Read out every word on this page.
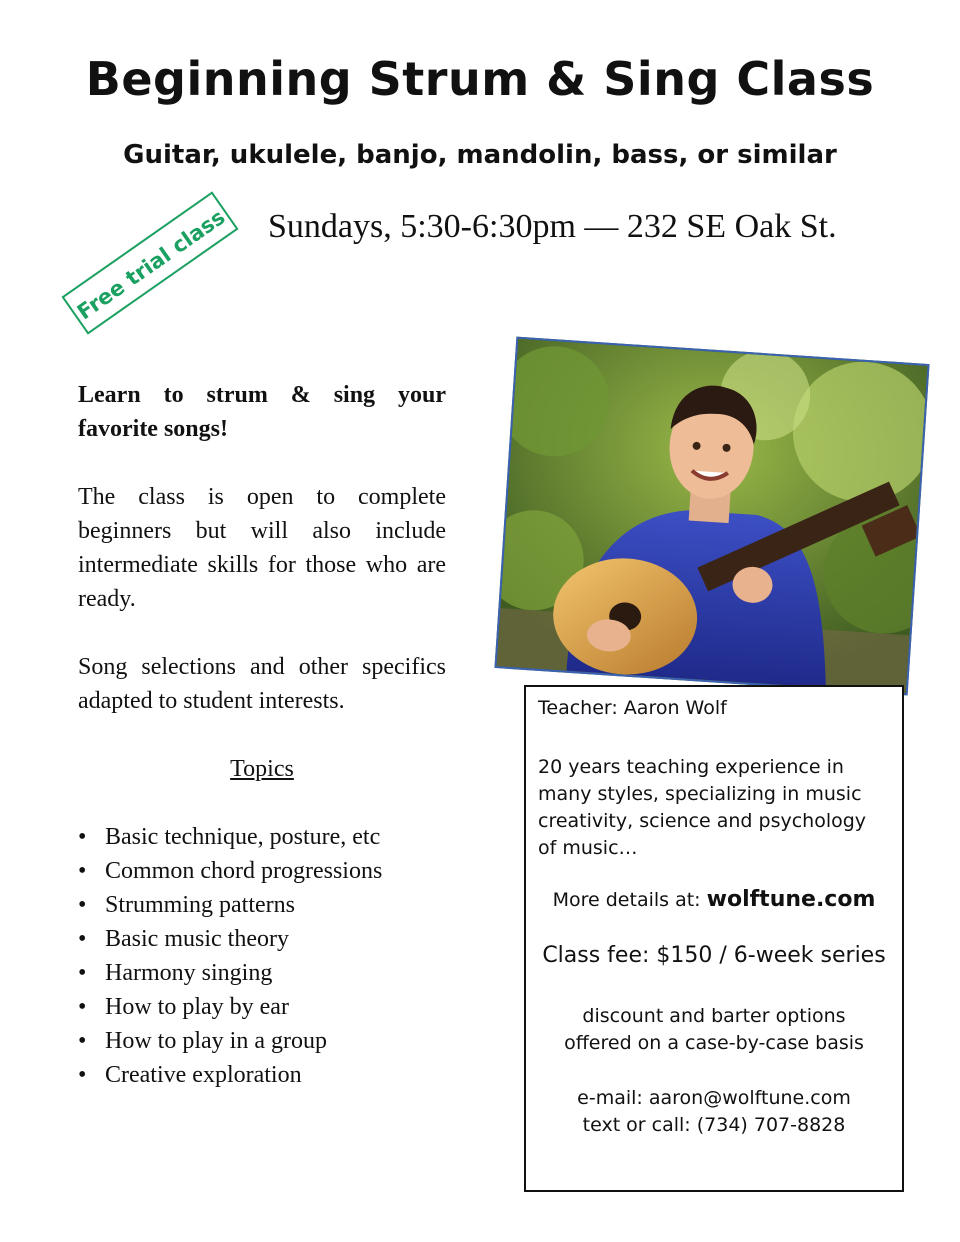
Beginning Strum & Sing Class
Guitar, ukulele, banjo, mandolin, bass, or similar
Free trial class Sundays, 5:30-6:30pm — 232 SE Oak St.

Learn to strum & sing your favorite songs!

The class is open to complete beginners but will also include intermediate skills for those who are ready.

Song selections and other specifics adapted to student interests.

Topics
• Basic technique, posture, etc
• Common chord progressions
• Strumming patterns
• Basic music theory
• Harmony singing
• How to play by ear
• How to play in a group
• Creative exploration

Teacher: Aaron Wolf

20 years teaching experience in many styles, specializing in music creativity, science and psychology of music…

More details at: wolftune.com

Class fee: $150 / 6-week series

discount and barter options

offered on a case-by-case basis

e-mail: aaron@wolftune.com

text or call: (734) 707-8828
